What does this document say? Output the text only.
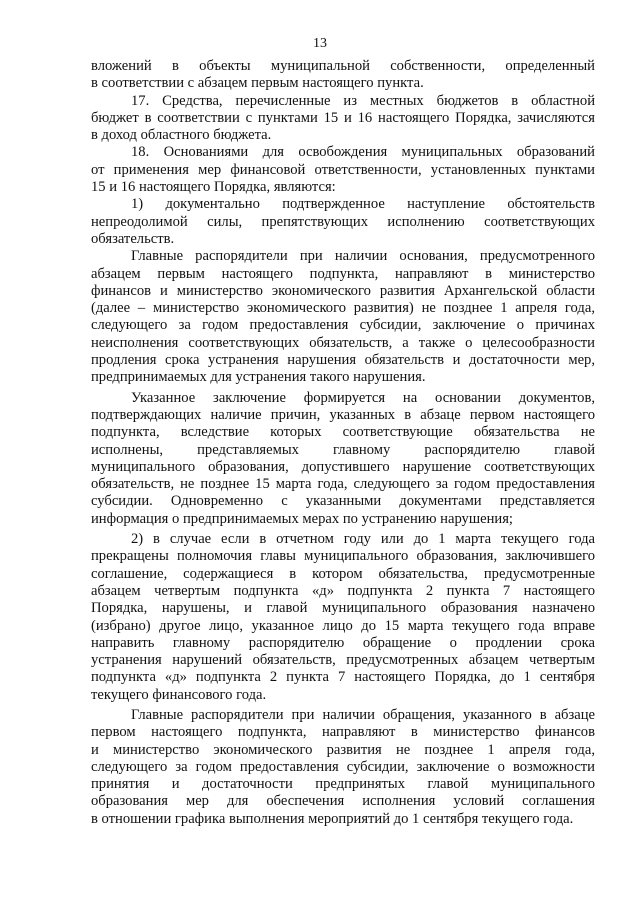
13
вложений в объекты муниципальной собственности, определенный
в соответствии с абзацем первым настоящего пункта.
17. Средства, перечисленные из местных бюджетов в областной
бюджет в соответствии с пунктами 15 и 16 настоящего Порядка, зачисляются
в доход областного бюджета.
18. Основаниями для освобождения муниципальных образований
от применения мер финансовой ответственности, установленных пунктами
15 и 16 настоящего Порядка, являются:
1) документально подтвержденное наступление обстоятельств
непреодолимой силы, препятствующих исполнению соответствующих
обязательств.
Главные распорядители при наличии основания, предусмотренного
абзацем первым настоящего подпункта, направляют в министерство
финансов и министерство экономического развития Архангельской области
(далее – министерство экономического развития) не позднее 1 апреля года,
следующего за годом предоставления субсидии, заключение о причинах
неисполнения соответствующих обязательств, а также о целесообразности
продления срока устранения нарушения обязательств и достаточности мер,
предпринимаемых для устранения такого нарушения.
Указанное заключение формируется на основании документов,
подтверждающих наличие причин, указанных в абзаце первом настоящего
подпункта, вследствие которых соответствующие обязательства не
исполнены, представляемых главному распорядителю главой
муниципального образования, допустившего нарушение соответствующих
обязательств, не позднее 15 марта года, следующего за годом предоставления
субсидии. Одновременно с указанными документами представляется
информация о предпринимаемых мерах по устранению нарушения;
2) в случае если в отчетном году или до 1 марта текущего года
прекращены полномочия главы муниципального образования, заключившего
соглашение, содержащиеся в котором обязательства, предусмотренные
абзацем четвертым подпункта «д» подпункта 2 пункта 7 настоящего
Порядка, нарушены, и главой муниципального образования назначено
(избрано) другое лицо, указанное лицо до 15 марта текущего года вправе
направить главному распорядителю обращение о продлении срока
устранения нарушений обязательств, предусмотренных абзацем четвертым
подпункта «д» подпункта 2 пункта 7 настоящего Порядка, до 1 сентября
текущего финансового года.
Главные распорядители при наличии обращения, указанного в абзаце
первом настоящего подпункта, направляют в министерство финансов
и министерство экономического развития не позднее 1 апреля года,
следующего за годом предоставления субсидии, заключение о возможности
принятия и достаточности предпринятых главой муниципального
образования мер для обеспечения исполнения условий соглашения
в отношении графика выполнения мероприятий до 1 сентября текущего года.
